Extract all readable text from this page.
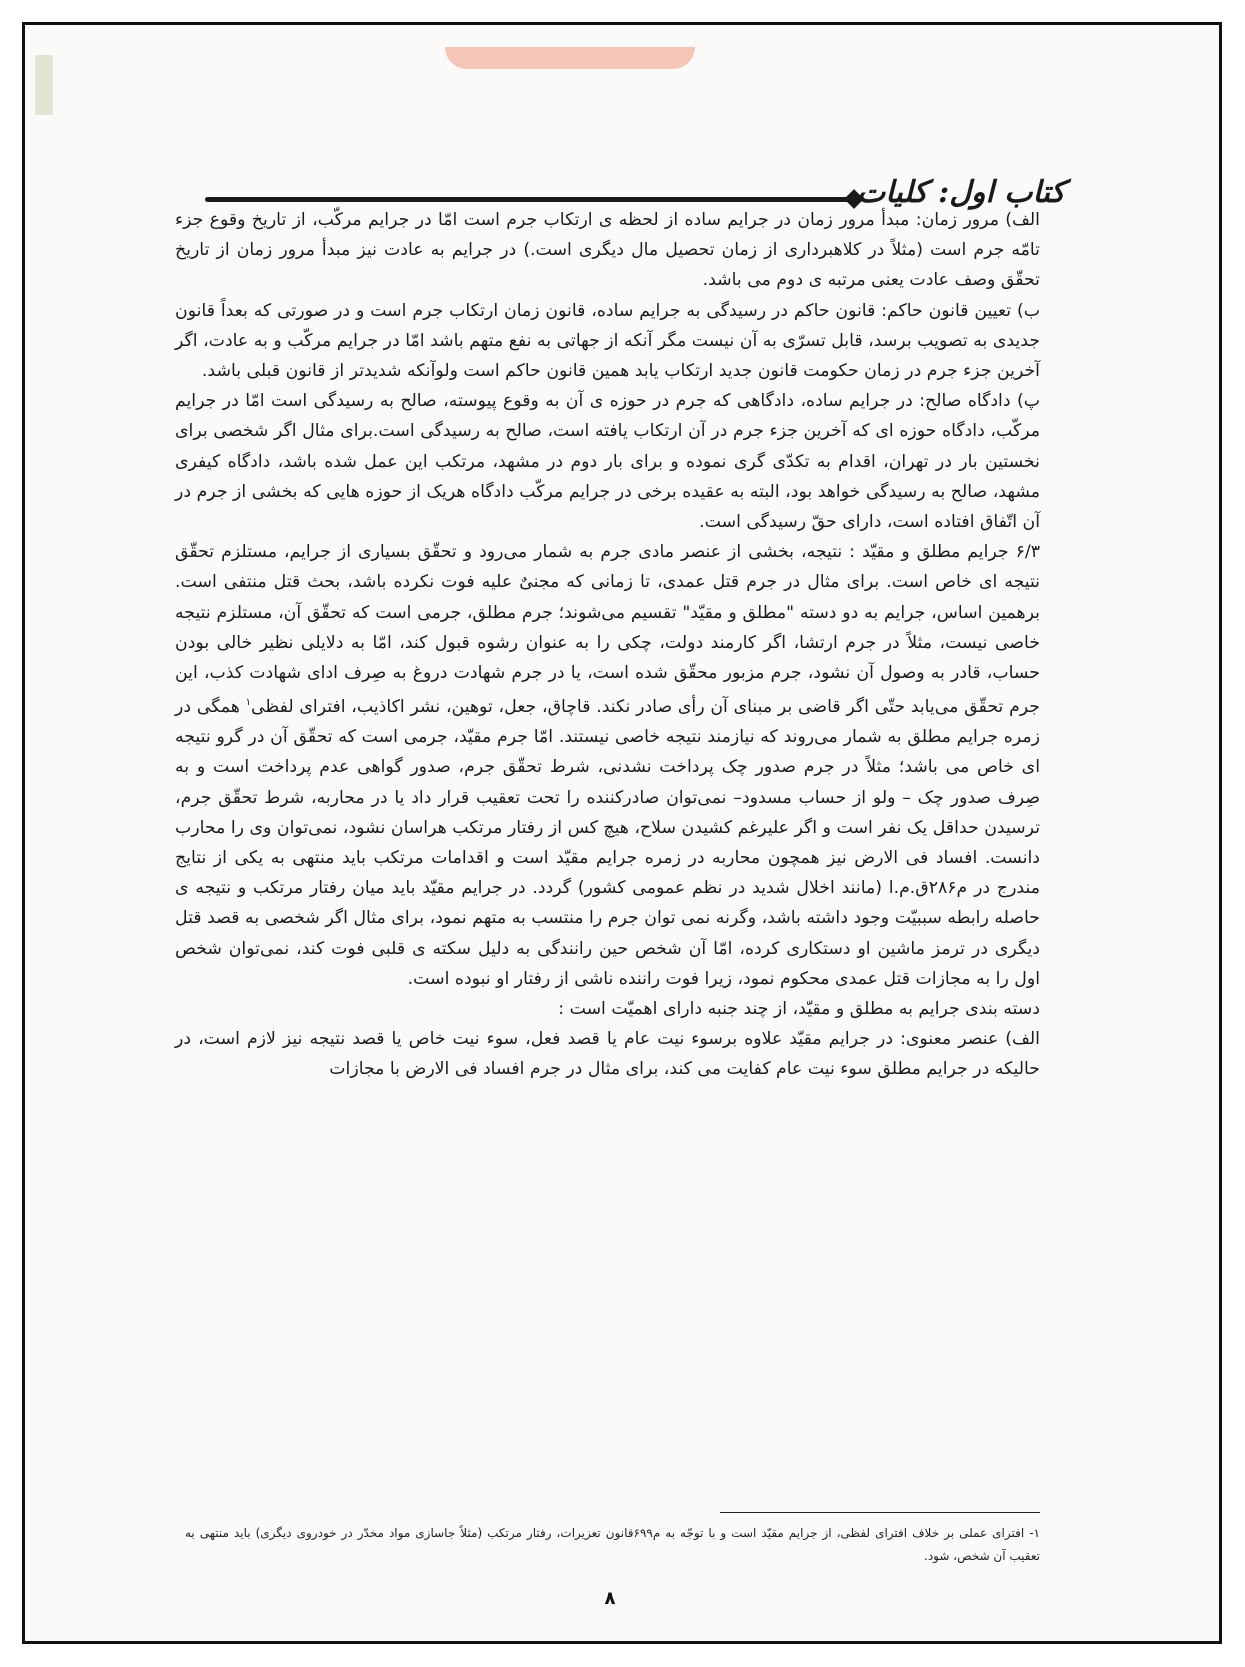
کتاب اول: کلیات

الف) مرور زمان: مبدأ مرور زمان در جرایم ساده از لحظه ی ارتکاب جرم است امّا در جرایم مرکّب، از تاریخ وقوع جزء تامّه جرم است (مثلاً در کلاهبرداری از زمان تحصیل مال دیگری است.) در جرایم به عادت نیز مبدأ مرور زمان از تاریخ تحقّق وصف عادت یعنی مرتبه ی دوم می باشد.

ب) تعیین قانون حاکم: قانون حاکم در رسیدگی به جرایم ساده، قانون زمان ارتکاب جرم است و در صورتی که بعداً قانون جدیدی به تصویب برسد، قابل تسرّی به آن نیست مگر آنکه از جهاتی به نفع متهم باشد امّا در جرایم مرکّب و به عادت، اگر آخرین جزء جرم در زمان حکومت قانون جدید ارتکاب یابد همین قانون حاکم است ولوآنکه شدیدتر از قانون قبلی باشد.

پ) دادگاه صالح: در جرایم ساده، دادگاهی که جرم در حوزه ی آن به وقوع پیوسته، صالح به رسیدگی است امّا در جرایم مرکّب، دادگاه حوزه ای که آخرین جزء جرم در آن ارتکاب یافته است، صالح به رسیدگی است.برای مثال اگر شخصی برای نخستین بار در تهران، اقدام به تکدّی گری نموده و برای بار دوم در مشهد، مرتکب این عمل شده باشد، دادگاه کیفری مشهد، صالح به رسیدگی خواهد بود، البته به عقیده برخی در جرایم مرکّب دادگاه هریک از حوزه هایی که بخشی از جرم در آن اتّفاق افتاده است، دارای حقّ رسیدگی است.

۶/۳ جرایم مطلق و مقیّد : نتیجه، بخشی از عنصر مادی جرم به شمار می‌رود و تحقّق بسیاری از جرایم، مستلزم تحقّق نتیجه ای خاص است. برای مثال در جرم قتل عمدی، تا زمانی که مجنیٌ علیه فوت نکرده باشد، بحث قتل منتفی است. برهمین اساس، جرایم به دو دسته "مطلق و مقیّد" تقسیم می‌شوند؛ جرم مطلق، جرمی است که تحقّق آن، مستلزم نتیجه خاصی نیست، مثلاً در جرم ارتشا، اگر کارمند دولت، چکی را به عنوان رشوه قبول کند، امّا به دلایلی نظیر خالی بودن حساب، قادر به وصول آن نشود، جرم مزبور محقّق شده است، یا در جرم شهادت دروغ به صِرف ادای شهادت کذب، این جرم تحقّق می‌یابد حتّی اگر قاضی بر مبنای آن رأی صادر نکند. قاچاق، جعل، توهین، نشر اکاذیب، افترای لفظی$^۱$ همگی در زمره جرایم مطلق به شمار می‌روند که نیازمند نتیجه خاصی نیستند. امّا جرم مقیّد، جرمی است که تحقّق آن در گرو نتیجه ای خاص می باشد؛ مثلاً در جرم صدور چک پرداخت نشدنی، شرط تحقّق جرم، صدور گواهی عدم پرداخت است و به صِرف صدور چک – ولو از حساب مسدود– نمی‌توان صادرکننده را تحت تعقیب قرار داد یا در محاربه، شرط تحقّق جرم، ترسیدن حداقل یک نفر است و اگر علیرغم کشیدن سلاح، هیچ کس از رفتار مرتکب هراسان نشود، نمی‌توان وی را محارب دانست. افساد فی الارض نیز همچون محاربه در زمره جرایم مقیّد است و اقدامات مرتکب باید منتهی به یکی از نتایج مندرج در م۲۸۶ق.م.ا (مانند اخلال شدید در نظم عمومی کشور) گردد. در جرایم مقیّد باید میان رفتار مرتکب و نتیجه ی حاصله رابطه سببیّت وجود داشته باشد، وگرنه نمی توان جرم را منتسب به متهم نمود، برای مثال اگر شخصی به قصد قتل دیگری در ترمز ماشین او دستکاری کرده، امّا آن شخص حین رانندگی به دلیل سکته ی قلبی فوت کند، نمی‌توان شخص اول را به مجازات قتل عمدی محکوم نمود، زیرا فوت راننده ناشی از رفتار او نبوده است.

دسته بندی جرایم به مطلق و مقیّد، از چند جنبه دارای اهمیّت است :

الف) عنصر معنوی: در جرایم مقیّد علاوه برسوء نیت عام یا قصد فعل، سوء نیت خاص یا قصد نتیجه نیز لازم است، در حالیکه در جرایم مطلق سوء نیت عام کفایت می کند، برای مثال در جرم افساد فی الارض با مجازات

۱- افترای عملی بر خلاف افترای لفظی، از جرایم مقیّد است و با توجّه به م۶۹۹قانون تعزیرات، رفتار مرتکب (مثلاً جاسازی مواد مخدّر در خودروی دیگری) باید منتهی به تعقیب آن شخص، شود.
۸
